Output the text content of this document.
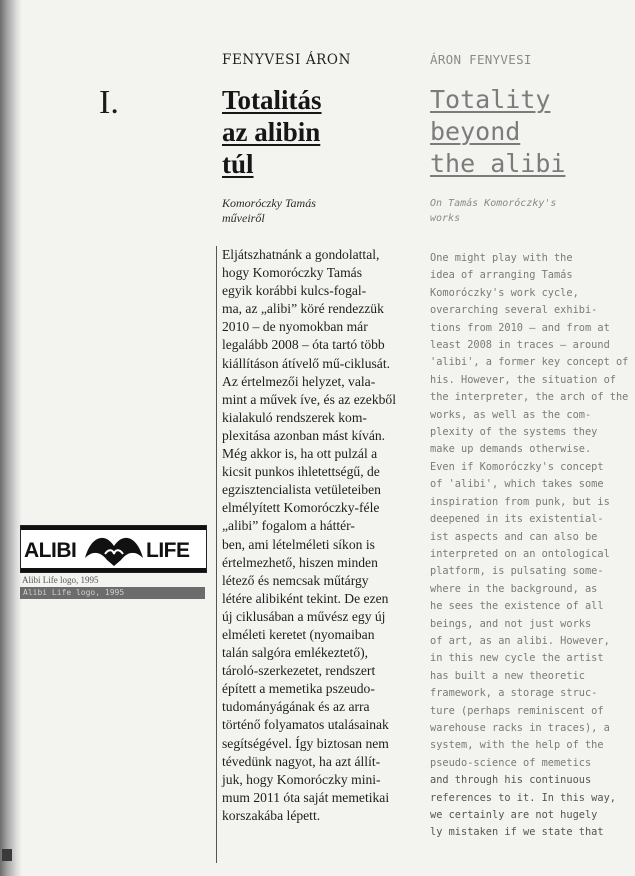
FENYVESI ÁRON	ÁRON FENYVESI
I.	Totalitás
az alibin
túl
Totality
beyond
the alibi
Komoróczky Tamás
műveiről
On Tamás Komoróczky's
works
Eljátszhatnánk a gondolattal,
hogy Komoróczky Tamás
egyik korábbi kulcs-fogal-
ma, az „alibi” köré rendezzük
2010 – de nyomokban már
legalább 2008 – óta tartó több
kiállításon átívelő mű-ciklusát.
Az értelmezői helyzet, vala-
mint a művek íve, és az ezekből
kialakuló rendszerek kom-
plexitása azonban mást kíván.
Még akkor is, ha ott pulzál a
kicsit punkos ihletettségű, de
egzisztencialista vetületeiben
elmélyített Komoróczky-féle
„alibi” fogalom a háttér-
ben, ami lételméleti síkon is
értelmezhető, hiszen minden
létező és nemcsak műtárgy
létére alibiként tekint. De ezen
új ciklusában a művész egy új
elméleti keretet (nyomaiban
talán salgóra emlékeztető),
tároló-szerkezetet, rendszert
épített a memetika pszeudo-
tudományágának és az arra
történő folyamatos utalásainak
segítségével. Így biztosan nem
tévedünk nagyot, ha azt állít-
juk, hogy Komoróczky mini-
mum 2011 óta saját memetikai
korszakába lépett.
One might play with the
idea of arranging Tamás
Komoróczky's work cycle,
overarching several exhibi-
tions from 2010 – and from at
least 2008 in traces – around
'alibi', a former key concept of
his. However, the situation of
the interpreter, the arch of the
works, as well as the com-
plexity of the systems they
make up demands otherwise.
Even if Komoróczky's concept
of 'alibi', which takes some
inspiration from punk, but is
deepened in its existential-
ist aspects and can also be
interpreted on an ontological
platform, is pulsating some-
where in the background, as
he sees the existence of all
beings, and not just works
of art, as an alibi. However,
in this new cycle the artist
has built a new theoretic
framework, a storage struc-
ture (perhaps reminiscent of
warehouse racks in traces), a
system, with the help of the
pseudo-science of memetics
and through his continuous
references to it. In this way,
we certainly are not hugely
ly mistaken if we state that
ALIBI	LIFE
Alibi Life logo, 1995
Alibi Life logo, 1995
